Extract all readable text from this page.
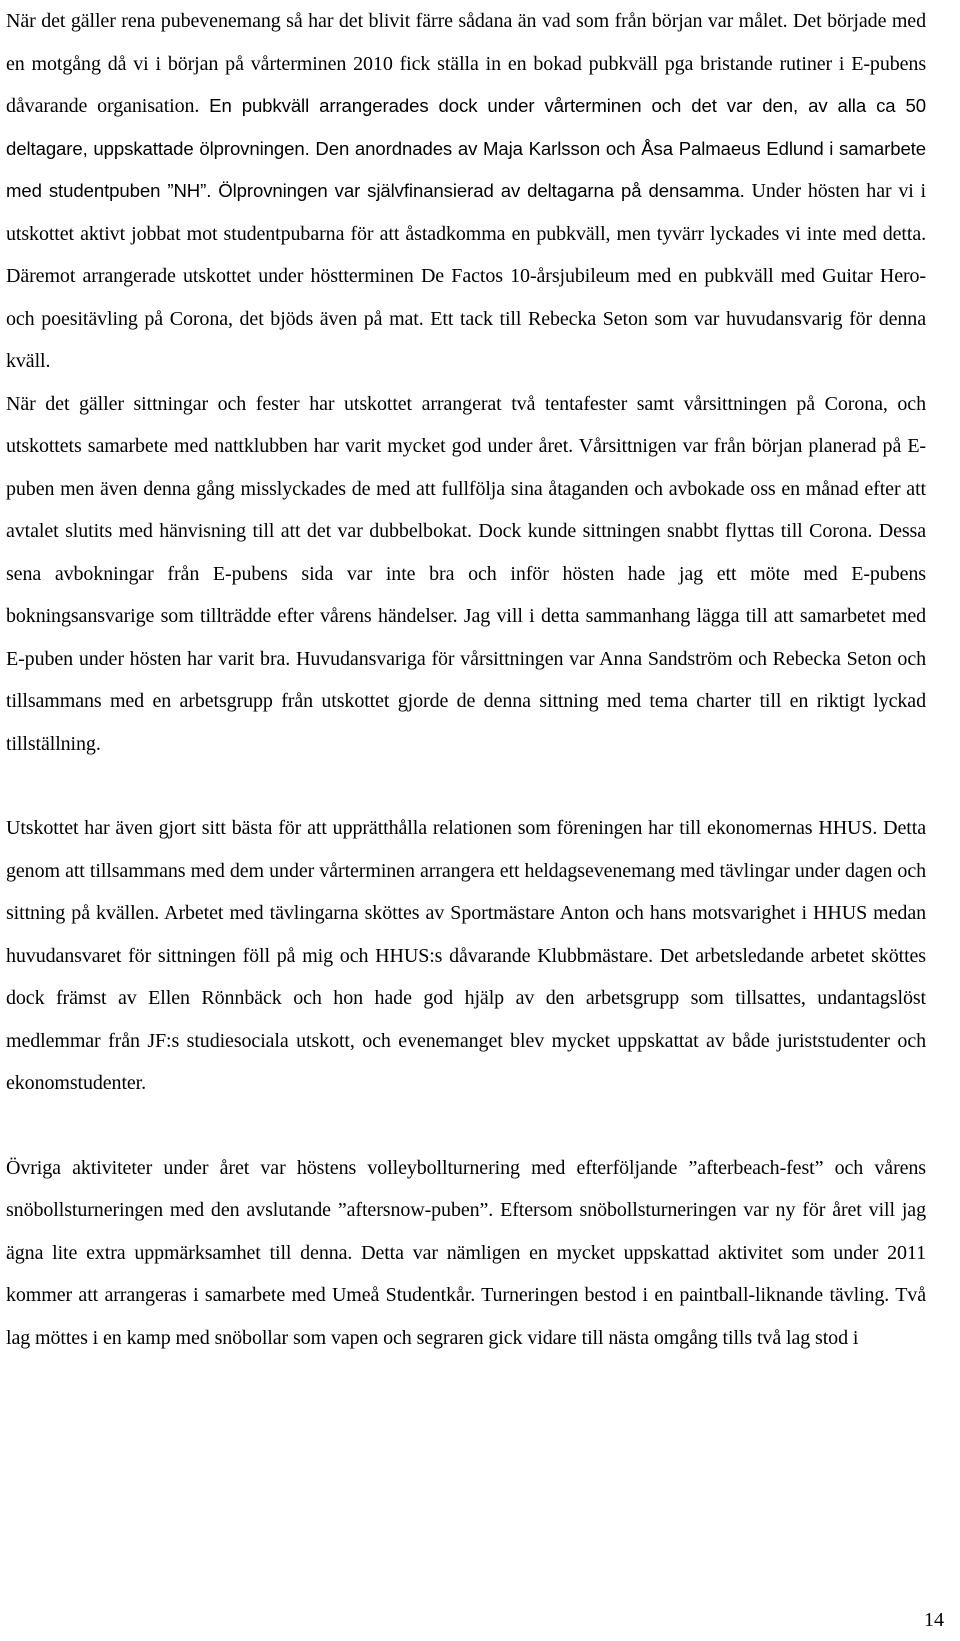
När det gäller rena pubevenemang så har det blivit färre sådana än vad som från början var målet. Det började med en motgång då vi i början på vårterminen 2010 fick ställa in en bokad pubkväll pga bristande rutiner i E-pubens dåvarande organisation. En pubkväll arrangerades dock under vårterminen och det var den, av alla ca 50 deltagare, uppskattade ölprovningen. Den anordnades av Maja Karlsson och Åsa Palmaeus Edlund i samarbete med studentpuben ”NH”. Ölprovningen var självfinansierad av deltagarna på densamma. Under hösten har vi i utskottet aktivt jobbat mot studentpubarna för att åstadkomma en pubkväll, men tyvärr lyckades vi inte med detta. Däremot arrangerade utskottet under höstterminen De Factos 10-årsjubileum med en pubkväll med Guitar Hero- och poesitävling på Corona, det bjöds även på mat. Ett tack till Rebecka Seton som var huvudansvarig för denna kväll.

När det gäller sittningar och fester har utskottet arrangerat två tentafester samt vårsittningen på Corona, och utskottets samarbete med nattklubben har varit mycket god under året. Vårsittnigen var från början planerad på E-puben men även denna gång misslyckades de med att fullfölja sina åtaganden och avbokade oss en månad efter att avtalet slutits med hänvisning till att det var dubbelbokat. Dock kunde sittningen snabbt flyttas till Corona. Dessa sena avbokningar från E-pubens sida var inte bra och inför hösten hade jag ett möte med E-pubens bokningsansvarige som tillträdde efter vårens händelser. Jag vill i detta sammanhang lägga till att samarbetet med E-puben under hösten har varit bra. Huvudansvariga för vårsittningen var Anna Sandström och Rebecka Seton och tillsammans med en arbetsgrupp från utskottet gjorde de denna sittning med tema charter till en riktigt lyckad tillställning.

Utskottet har även gjort sitt bästa för att upprätthålla relationen som föreningen har till ekonomernas HHUS. Detta genom att tillsammans med dem under vårterminen arrangera ett heldagsevenemang med tävlingar under dagen och sittning på kvällen. Arbetet med tävlingarna sköttes av Sportmästare Anton och hans motsvarighet i HHUS medan huvudansvaret för sittningen föll på mig och HHUS:s dåvarande Klubbmästare. Det arbetsledande arbetet sköttes dock främst av Ellen Rönnbäck och hon hade god hjälp av den arbetsgrupp som tillsattes, undantagslöst medlemmar från JF:s studiesociala utskott, och evenemanget blev mycket uppskattat av både juriststudenter och ekonomstudenter.

Övriga aktiviteter under året var höstens volleybollturnering med efterföljande ”afterbeach-fest” och vårens snöbollsturneringen med den avslutande ”aftersnow-puben”. Eftersom snöbollsturneringen var ny för året vill jag ägna lite extra uppmärksamhet till denna. Detta var nämligen en mycket uppskattad aktivitet som under 2011 kommer att arrangeras i samarbete med Umeå Studentkår. Turneringen bestod i en paintball-liknande tävling. Två lag möttes i en kamp med snöbollar som vapen och segraren gick vidare till nästa omgång tills två lag stod i

14
